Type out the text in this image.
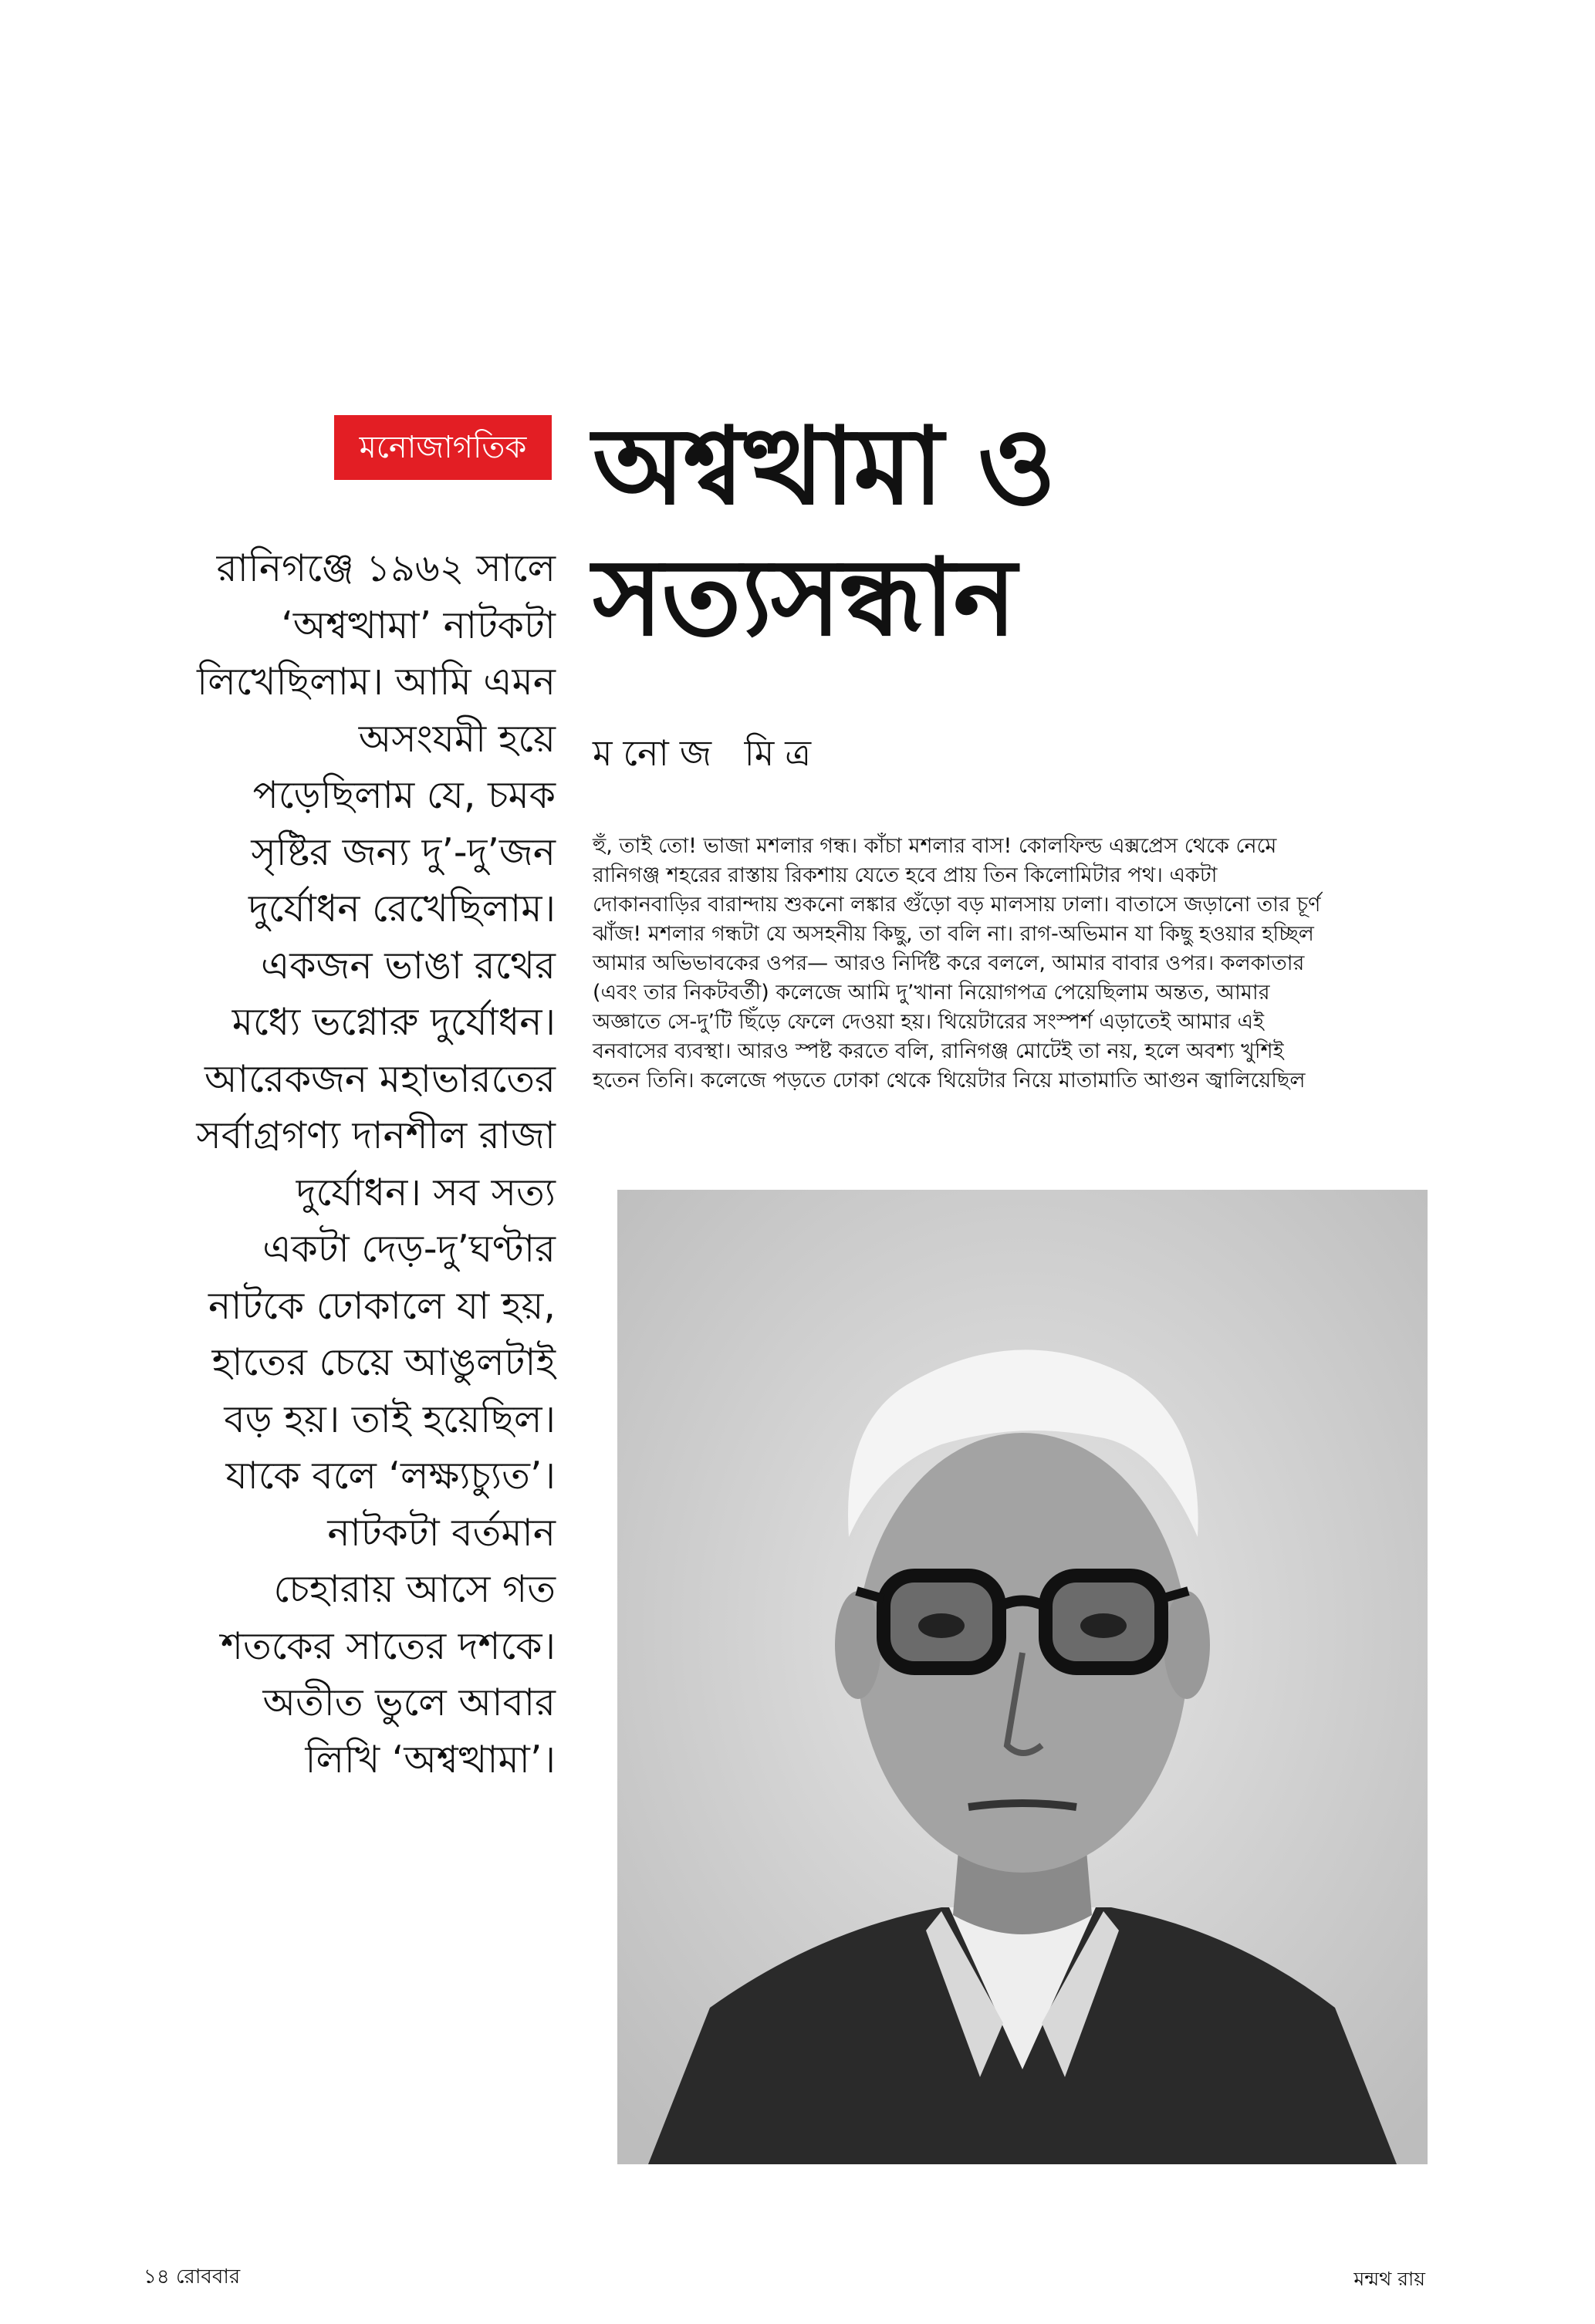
মনোজাগতিক অশ্বত্থামা ও
সত্যসন্ধান
মনোজ মিত্র
রানিগঞ্জে ১৯৬২ সালে
‘অশ্বত্থামা’ নাটকটা
লিখেছিলাম। আমি এমন
অসংযমী হয়ে
পড়েছিলাম যে, চমক
সৃষ্টির জন্য দু’-দু’জন
দুর্যোধন রেখেছিলাম।
একজন ভাঙা রথের
মধ্যে ভগ্নোরু দুর্যোধন।
আরেকজন মহাভারতের
সর্বাগ্রগণ্য দানশীল রাজা
দুর্যোধন। সব সত্য
একটা দেড়-দু’ঘণ্টার
নাটকে ঢোকালে যা হয়,
হাতের চেয়ে আঙুলটাই
বড় হয়। তাই হয়েছিল।
যাকে বলে ‘লক্ষ্যচ্যুত’।
নাটকটা বর্তমান
চেহারায় আসে গত
শতকের সাতের দশকে।
অতীত ভুলে আবার
লিখি ‘অশ্বত্থামা’।
হুঁ, তাই তো! ভাজা মশলার গন্ধ। কাঁচা মশলার বাস! কোলফিল্ড এক্সপ্রেস থেকে নেমে
রানিগঞ্জ শহরের রাস্তায় রিকশায় যেতে হবে প্রায় তিন কিলোমিটার পথ। একটা
দোকানবাড়ির বারান্দায় শুকনো লঙ্কার গুঁড়ো বড় মালসায় ঢালা। বাতাসে জড়ানো তার চূর্ণ
ঝাঁজ! মশলার গন্ধটা যে অসহনীয় কিছু, তা বলি না। রাগ-অভিমান যা কিছু হওয়ার হচ্ছিল
আমার অভিভাবকের ওপর— আরও নির্দিষ্ট করে বললে, আমার বাবার ওপর। কলকাতার
(এবং তার নিকটবর্তী) কলেজে আমি দু’খানা নিয়োগপত্র পেয়েছিলাম অন্তত, আমার
অজ্ঞাতে সে-দু’টি ছিঁড়ে ফেলে দেওয়া হয়। থিয়েটারের সংস্পর্শ এড়াতেই আমার এই
বনবাসের ব্যবস্থা। আরও স্পষ্ট করতে বলি, রানিগঞ্জ মোটেই তা নয়, হলে অবশ্য খুশিই
হতেন তিনি। কলেজে পড়তে ঢোকা থেকে থিয়েটার নিয়ে মাতামাতি আগুন জ্বালিয়েছিল
১৪ রোববার	মন্মথ রায়
